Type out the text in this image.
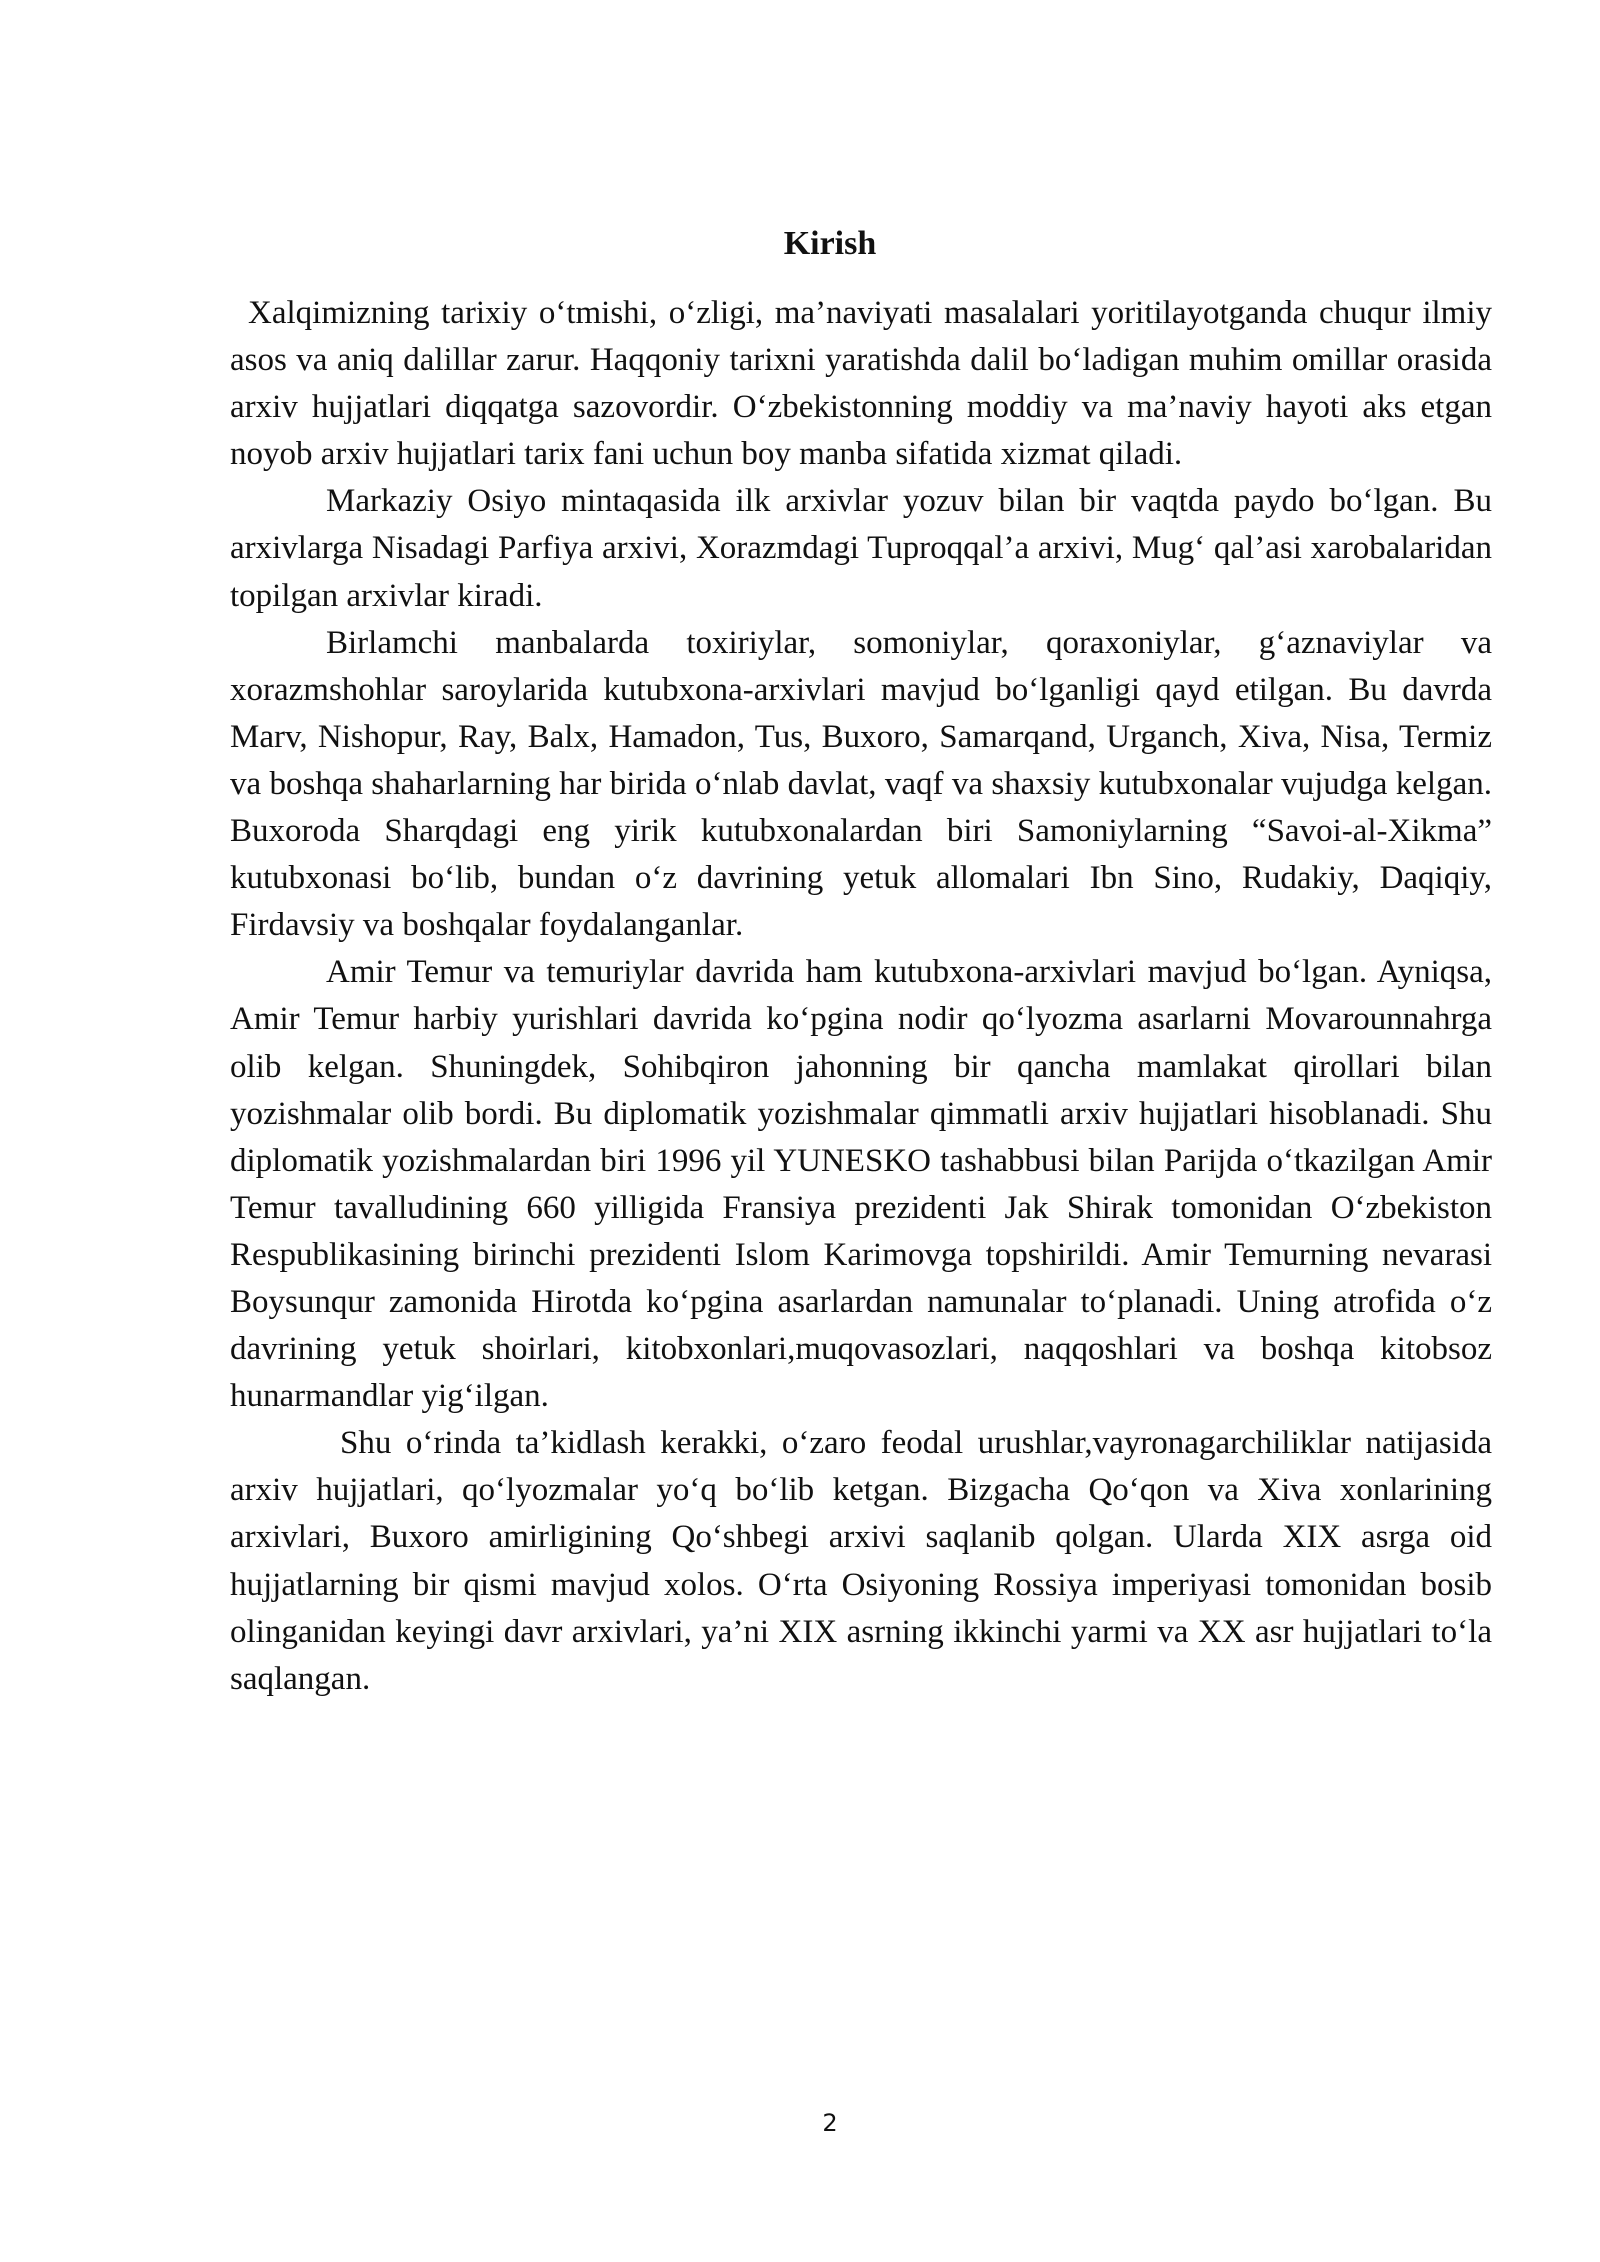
Kirish

Xalqimizning tarixiy o‘tmishi, o‘zligi, ma’naviyati masalalari yoritilayotganda chuqur ilmiy asos va aniq dalillar zarur. Haqqoniy tarixni yaratishda dalil bo‘ladigan muhim omillar orasida arxiv hujjatlari diqqatga sazovordir. O‘zbekistonning moddiy va ma’naviy hayoti aks etgan noyob arxiv hujjatlari tarix fani uchun boy manba sifatida xizmat qiladi.

Markaziy Osiyo mintaqasida ilk arxivlar yozuv bilan bir vaqtda paydo bo‘lgan. Bu arxivlarga Nisadagi Parfiya arxivi, Xorazmdagi Tuproqqal’a arxivi, Mug‘ qal’asi xarobalaridan topilgan arxivlar kiradi.

Birlamchi manbalarda toxiriylar, somoniylar, qoraxoniylar, g‘aznaviylar va xorazmshohlar saroylarida kutubxona-arxivlari mavjud bo‘lganligi qayd etilgan. Bu davrda Marv, Nishopur, Ray, Balx, Hamadon, Tus, Buxoro, Samarqand, Urganch, Xiva, Nisa, Termiz va boshqa shaharlarning har birida o‘nlab davlat, vaqf va shaxsiy kutubxonalar vujudga kelgan. Buxoroda Sharqdagi eng yirik kutubxonalardan biri Samoniylarning “Savoi-al-Xikma” kutubxonasi bo‘lib, bundan o‘z davrining yetuk allomalari Ibn Sino, Rudakiy, Daqiqiy, Firdavsiy va boshqalar foydalanganlar.

Amir Temur va temuriylar davrida ham kutubxona-arxivlari mavjud bo‘lgan. Ayniqsa, Amir Temur harbiy yurishlari davrida ko‘pgina nodir qo‘lyozma asarlarni Movarounnahrga olib kelgan. Shuningdek, Sohibqiron jahonning bir qancha mamlakat qirollari bilan yozishmalar olib bordi. Bu diplomatik yozishmalar qimmatli arxiv hujjatlari hisoblanadi. Shu diplomatik yozishmalardan biri 1996 yil YUNESKO tashabbusi bilan Parijda o‘tkazilgan Amir Temur tavalludining 660 yilligida Fransiya prezidenti Jak Shirak tomonidan O‘zbekiston Respublikasining birinchi prezidenti Islom Karimovga topshirildi. Amir Temurning nevarasi Boysunqur zamonida Hirotda ko‘pgina asarlardan namunalar to‘planadi. Uning atrofida o‘z davrining yetuk shoirlari, kitobxonlari,muqovasozlari, naqqoshlari va boshqa kitobsoz hunarmandlar yig‘ilgan.

Shu o‘rinda ta’kidlash kerakki, o‘zaro feodal urushlar,vayronagarchiliklar natijasida arxiv hujjatlari, qo‘lyozmalar yo‘q bo‘lib ketgan. Bizgacha Qo‘qon va Xiva xonlarining arxivlari, Buxoro amirligining Qo‘shbegi arxivi saqlanib qolgan. Ularda XIX asrga oid hujjatlarning bir qismi mavjud xolos. O‘rta Osiyoning Rossiya imperiyasi tomonidan bosib olinganidan keyingi davr arxivlari, ya’ni XIX asrning ikkinchi yarmi va XX asr hujjatlari to‘la saqlangan.

2
